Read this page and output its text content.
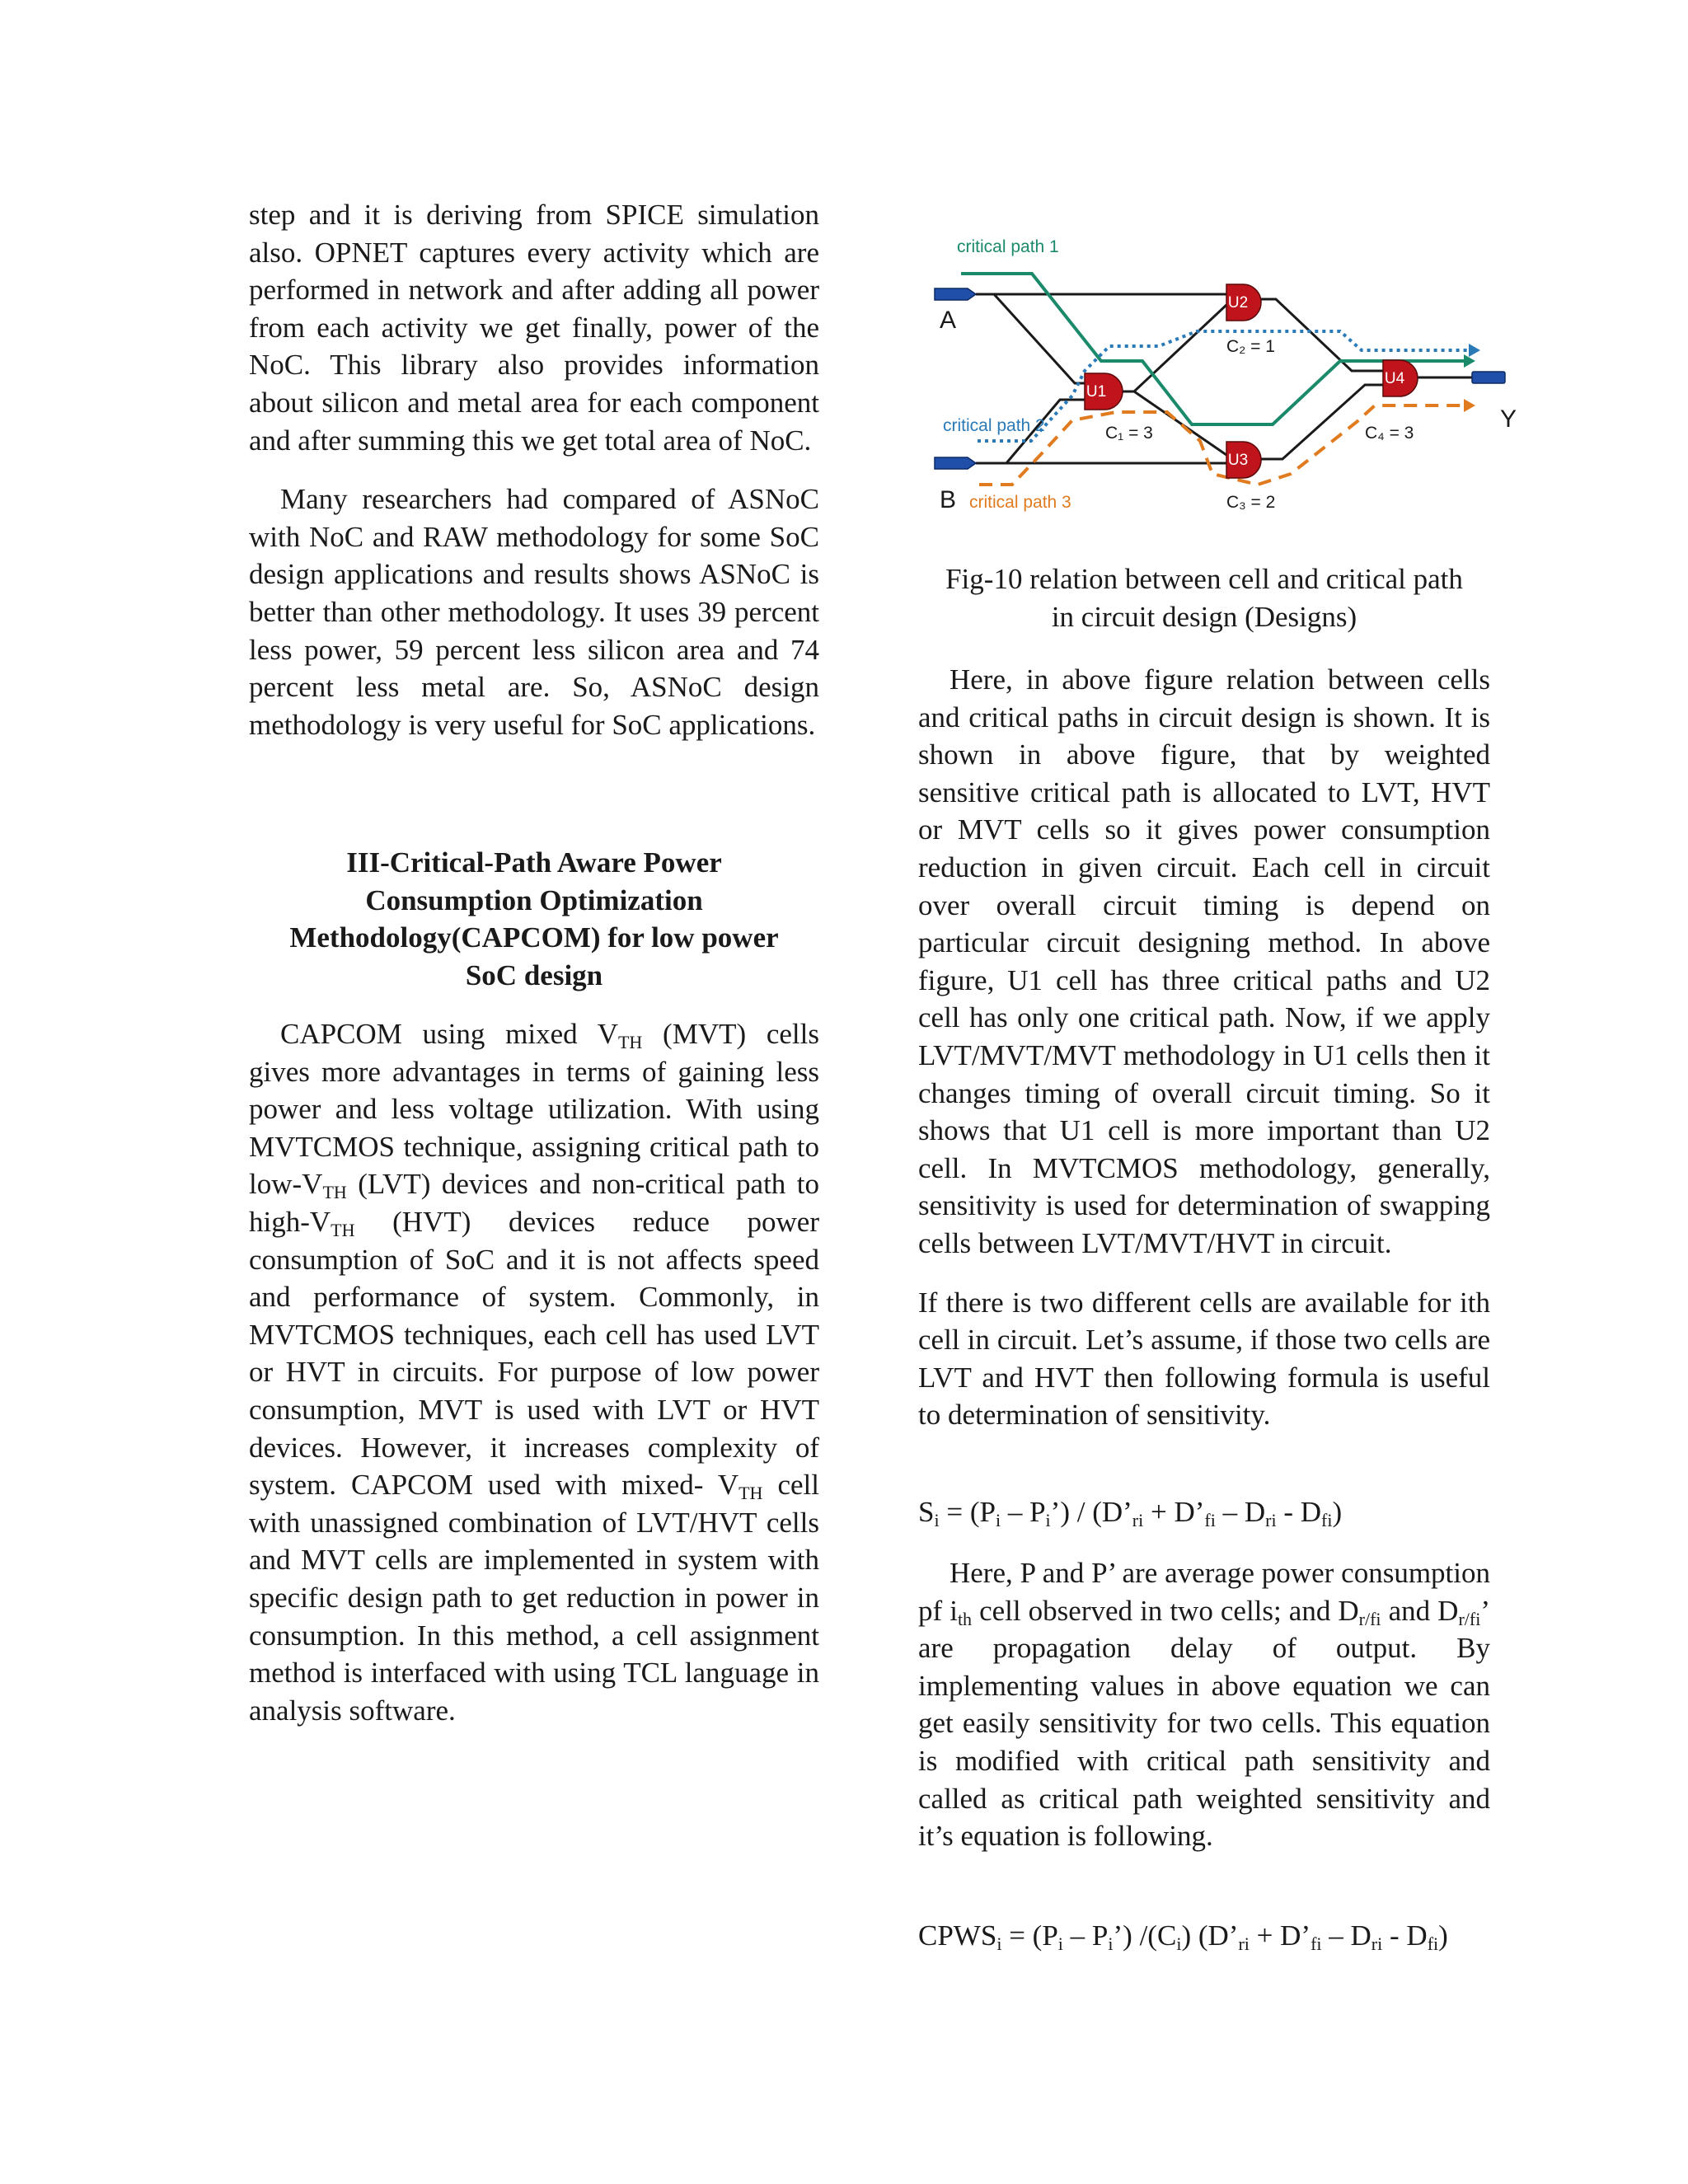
step and it is deriving from SPICE simulation also. OPNET captures every activity which are performed in network and after adding all power from each activity we get finally, power of the NoC. This library also provides information about silicon and metal area for each component and after summing this we get total area of NoC.

Many researchers had compared of ASNoC with NoC and RAW methodology for some SoC design applications and results shows ASNoC is better than other methodology. It uses 39 percent less power, 59 percent less silicon area and 74 percent less metal are. So, ASNoC design methodology is very useful for SoC applications.

III-Critical-Path Aware Power
Consumption Optimization
Methodology(CAPCOM) for low power
SoC design

CAPCOM using mixed $V_{TH}$ (MVT) cells gives more advantages in terms of gaining less power and less voltage utilization. With using MVTCMOS technique, assigning critical path to low-$V_{TH}$ (LVT) devices and non-critical path to high-$V_{TH}$ (HVT) devices reduce power consumption of SoC and it is not affects speed and performance of system. Commonly, in MVTCMOS techniques, each cell has used LVT or HVT in circuits. For purpose of low power consumption, MVT is used with LVT or HVT devices. However, it increases complexity of system. CAPCOM used with mixed- $V_{TH}$ cell with unassigned combination of LVT/HVT cells and MVT cells are implemented in system with specific design path to get reduction in power in consumption. In this method, a cell assignment method is interfaced with using TCL language in analysis software.

U1
U2
U3
U4
critical path 1
critical path 2
critical path 3
A
B
Y
C₁ = 3
C₂ = 1
C₃ = 2
C₄ = 3
Fig-10 relation between cell and critical path
in circuit design (Designs)

Here, in above figure relation between cells and critical paths in circuit design is shown. It is shown in above figure, that by weighted sensitive critical path is allocated to LVT, HVT or MVT cells so it gives power consumption reduction in given circuit. Each cell in circuit over overall circuit timing is depend on particular circuit designing method. In above figure, U1 cell has three critical paths and U2 cell has only one critical path. Now, if we apply LVT/MVT/MVT methodology in U1 cells then it changes timing of overall circuit timing. So it shows that U1 cell is more important than U2 cell. In MVTCMOS methodology, generally, sensitivity is used for determination of swapping cells between LVT/MVT/HVT in circuit.

If there is two different cells are available for ith cell in circuit. Let’s assume, if those two cells are LVT and HVT then following formula is useful to determination of sensitivity.

$S_i = (P_i$ – $P_i$’) / ($D’_{ri}$ + $D’_{fi} - D_{ri} - D_{fi}$)

Here, P and P’ are average power consumption pf $i_{th}$ cell observed in two cells; and $D_{r/fi}$ and $D_{r/fi}$’ are propagation delay of output. By implementing values in above equation we can get easily sensitivity for two cells. This equation is modified with critical path sensitivity and called as critical path weighted sensitivity and it’s equation is following.

$CPWS_i = (P_i$ – $P_i$’) $/(C_i)$ ($D’_{ri}$ + $D’_{fi} - D_{ri} - D_{fi}$)
